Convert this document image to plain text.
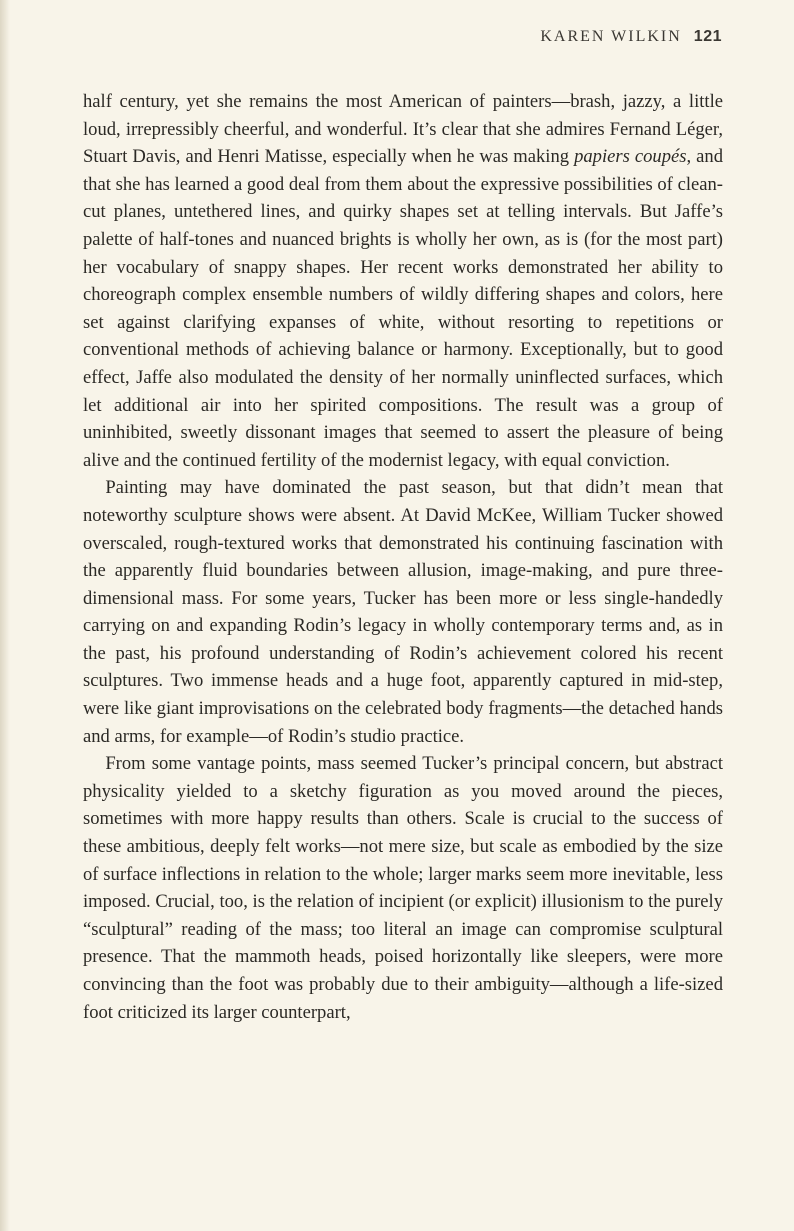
KAREN WILKIN 121

half century, yet she remains the most American of painters—brash, jazzy, a little loud, irrepressibly cheerful, and wonderful. It’s clear that she admires Fernand Léger, Stuart Davis, and Henri Matisse, especially when he was making papiers coupés, and that she has learned a good deal from them about the expressive possibilities of clean-cut planes, untethered lines, and quirky shapes set at telling intervals. But Jaffe’s palette of half-tones and nuanced brights is wholly her own, as is (for the most part) her vocabulary of snappy shapes. Her recent works demonstrated her ability to choreograph complex ensemble numbers of wildly differing shapes and colors, here set against clarifying expanses of white, without resorting to repetitions or conventional methods of achieving balance or harmony. Exceptionally, but to good effect, Jaffe also modulated the density of her normally uninflected surfaces, which let additional air into her spirited compositions. The result was a group of uninhibited, sweetly dissonant images that seemed to assert the pleasure of being alive and the continued fertility of the modernist legacy, with equal conviction.

Painting may have dominated the past season, but that didn’t mean that noteworthy sculpture shows were absent. At David McKee, William Tucker showed overscaled, rough-textured works that demonstrated his continuing fascination with the apparently fluid boundaries between allusion, image-making, and pure three-dimensional mass. For some years, Tucker has been more or less single-handedly carrying on and expanding Rodin’s legacy in wholly contemporary terms and, as in the past, his profound understanding of Rodin’s achievement colored his recent sculptures. Two immense heads and a huge foot, apparently captured in mid-step, were like giant improvisations on the celebrated body fragments—the detached hands and arms, for example—of Rodin’s studio practice.

From some vantage points, mass seemed Tucker’s principal concern, but abstract physicality yielded to a sketchy figuration as you moved around the pieces, sometimes with more happy results than others. Scale is crucial to the success of these ambitious, deeply felt works—not mere size, but scale as embodied by the size of surface inflections in relation to the whole; larger marks seem more inevitable, less imposed. Crucial, too, is the relation of incipient (or explicit) illusionism to the purely “sculptural” reading of the mass; too literal an image can compromise sculptural presence. That the mammoth heads, poised horizontally like sleepers, were more convincing than the foot was probably due to their ambiguity—although a life-sized foot criticized its larger counterpart,
